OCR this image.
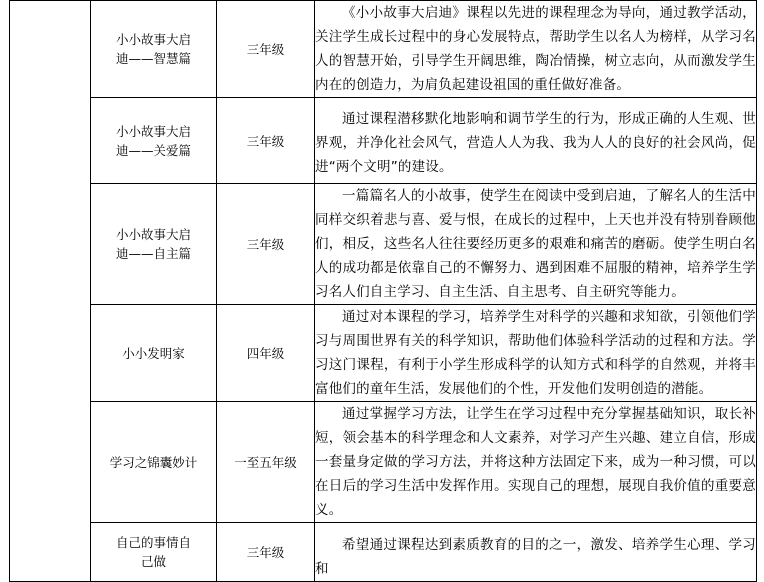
	小小故事大启迪——智慧篇	三年级	《小小故事大启迪》课程以先进的课程理念为导向，通过教学活动，关注学生成长过程中的身心发展特点，帮助学生以名人为榜样，从学习名人的智慧开始，引导学生开阔思维，陶冶情操，树立志向，从而激发学生内在的创造力，为肩负起建设祖国的重任做好准备。

	小小故事大启迪——关爱篇	三年级	通过课程潜移默化地影响和调节学生的行为，形成正确的人生观、世界观，并净化社会风气，营造人人为我、我为人人的良好的社会风尚，促进“两个文明”的建设。

	小小故事大启迪——自主篇	三年级	一篇篇名人的小故事，使学生在阅读中受到启迪，了解名人的生活中同样交织着悲与喜、爱与恨，在成长的过程中，上天也并没有特别眷顾他们，相反，这些名人往往要经历更多的艰难和痛苦的磨砺。使学生明白名人的成功都是依靠自己的不懈努力、遇到困难不屈服的精神，培养学生学习名人们自主学习、自主生活、自主思考、自主研究等能力。

	小小发明家	四年级	通过对本课程的学习，培养学生对科学的兴趣和求知欲，引领他们学习与周围世界有关的科学知识，帮助他们体验科学活动的过程和方法。学习这门课程，有利于小学生形成科学的认知方式和科学的自然观，并将丰富他们的童年生活，发展他们的个性，开发他们发明创造的潜能。

	学习之锦囊妙计	一至五年级	通过掌握学习方法，让学生在学习过程中充分掌握基础知识，取长补短，领会基本的科学理念和人文素养，对学习产生兴趣、建立自信，形成一套量身定做的学习方法，并将这种方法固定下来，成为一种习惯，可以在日后的学习生活中发挥作用。实现自己的理想，展现自我价值的重要意义。

	自己的事情自己做	三年级	希望通过课程达到素质教育的目的之一，激发、培养学生心理、学习和
